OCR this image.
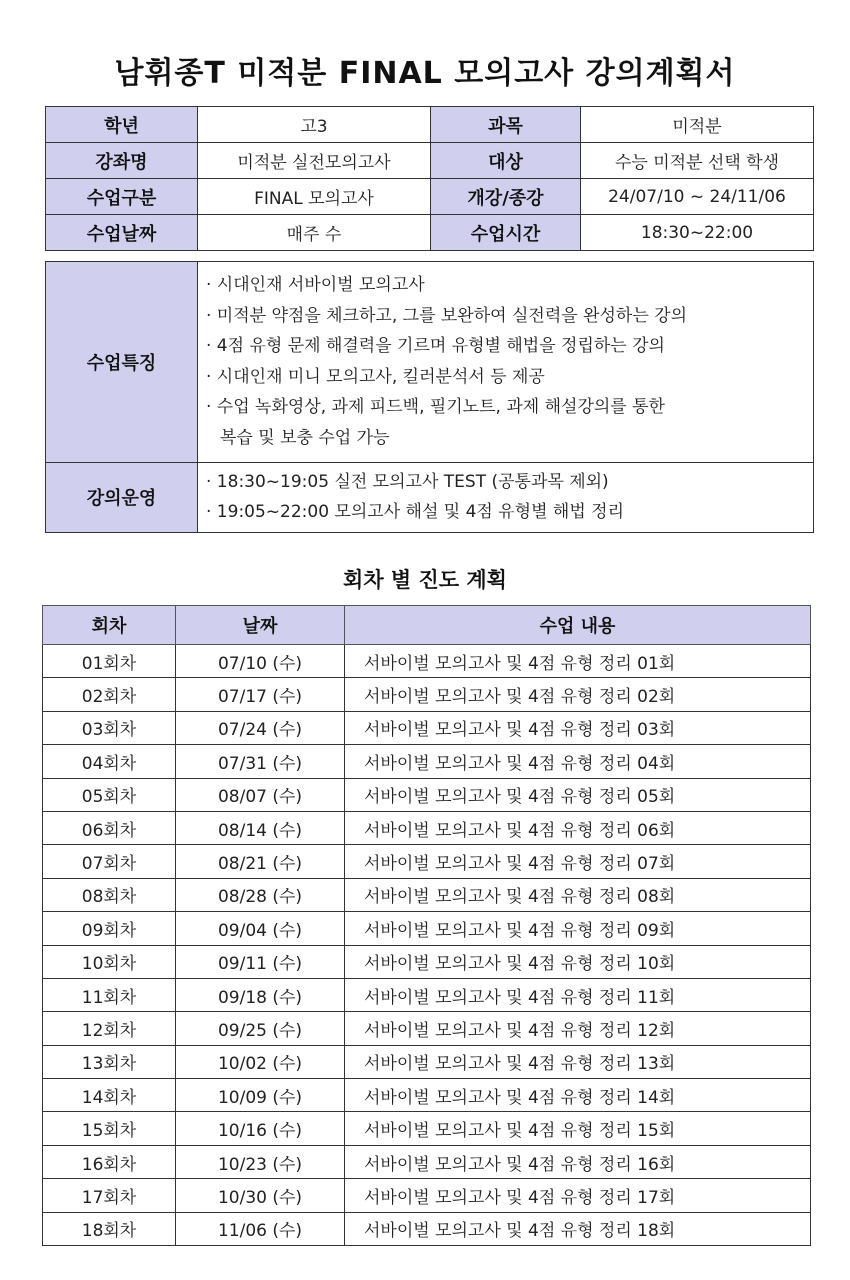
남휘종T 미적분 FINAL 모의고사 강의계획서
학년	고3	과목	미적분
강좌명	미적분 실전모의고사	대상	수능 미적분 선택 학생
수업구분	FINAL 모의고사	개강/종강	24/07/10 ~ 24/11/06
수업날짜	매주 수	수업시간	18:30~22:00
수업특징	
· 시대인재 서바이벌 모의고사
· 미적분 약점을 체크하고, 그를 보완하여 실전력을 완성하는 강의
· 4점 유형 문제 해결력을 기르며 유형별 해법을 정립하는 강의
· 시대인재 미니 모의고사, 킬러분석서 등 제공
· 수업 녹화영상, 과제 피드백, 필기노트, 과제 해설강의를 통한
복습 및 보충 수업 가능

강의운영	· 18:30~19:05 실전 모의고사 TEST (공통과목 제외)
· 19:05~22:00 모의고사 해설 및 4점 유형별 해법 정리
회차 별 진도 계획
회차	날짜	수업 내용
01회차	07/10 (수)	서바이벌 모의고사 및 4점 유형 정리 01회
02회차	07/17 (수)	서바이벌 모의고사 및 4점 유형 정리 02회
03회차	07/24 (수)	서바이벌 모의고사 및 4점 유형 정리 03회
04회차	07/31 (수)	서바이벌 모의고사 및 4점 유형 정리 04회
05회차	08/07 (수)	서바이벌 모의고사 및 4점 유형 정리 05회
06회차	08/14 (수)	서바이벌 모의고사 및 4점 유형 정리 06회
07회차	08/21 (수)	서바이벌 모의고사 및 4점 유형 정리 07회
08회차	08/28 (수)	서바이벌 모의고사 및 4점 유형 정리 08회
09회차	09/04 (수)	서바이벌 모의고사 및 4점 유형 정리 09회
10회차	09/11 (수)	서바이벌 모의고사 및 4점 유형 정리 10회
11회차	09/18 (수)	서바이벌 모의고사 및 4점 유형 정리 11회
12회차	09/25 (수)	서바이벌 모의고사 및 4점 유형 정리 12회
13회차	10/02 (수)	서바이벌 모의고사 및 4점 유형 정리 13회
14회차	10/09 (수)	서바이벌 모의고사 및 4점 유형 정리 14회
15회차	10/16 (수)	서바이벌 모의고사 및 4점 유형 정리 15회
16회차	10/23 (수)	서바이벌 모의고사 및 4점 유형 정리 16회
17회차	10/30 (수)	서바이벌 모의고사 및 4점 유형 정리 17회
18회차	11/06 (수)	서바이벌 모의고사 및 4점 유형 정리 18회
